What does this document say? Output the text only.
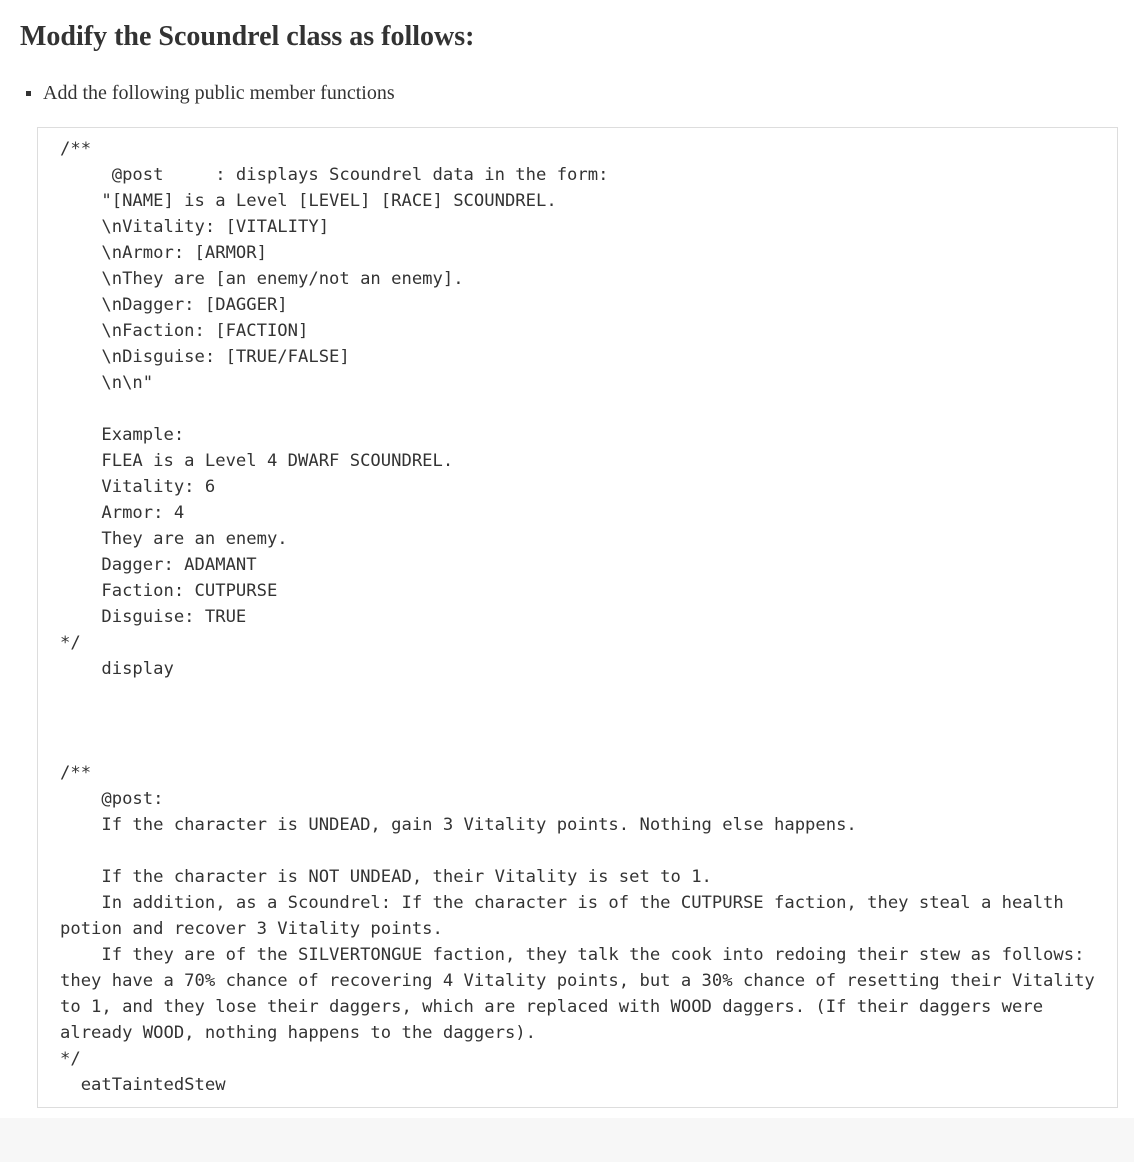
Modify the Scoundrel class as follows:
Add the following public member functions
/**
@post     : displays Scoundrel data in the form:
"[NAME] is a Level [LEVEL] [RACE] SCOUNDREL.
\nVitality: [VITALITY]
\nArmor: [ARMOR]
\nThey are [an enemy/not an enemy].
\nDagger: [DAGGER]
\nFaction: [FACTION]
\nDisguise: [TRUE/FALSE]
\n\n"

Example:
FLEA is a Level 4 DWARF SCOUNDREL.
Vitality: 6
Armor: 4
They are an enemy.
Dagger: ADAMANT
Faction: CUTPURSE
Disguise: TRUE
*/
display

/**
@post:
If the character is UNDEAD, gain 3 Vitality points. Nothing else happens.

If the character is NOT UNDEAD, their Vitality is set to 1.
In addition, as a Scoundrel: If the character is of the CUTPURSE faction, they steal a health
potion and recover 3 Vitality points.
If they are of the SILVERTONGUE faction, they talk the cook into redoing their stew as follows:
they have a 70% chance of recovering 4 Vitality points, but a 30% chance of resetting their Vitality
to 1, and they lose their daggers, which are replaced with WOOD daggers. (If their daggers were
already WOOD, nothing happens to the daggers).
*/
eatTaintedStew
